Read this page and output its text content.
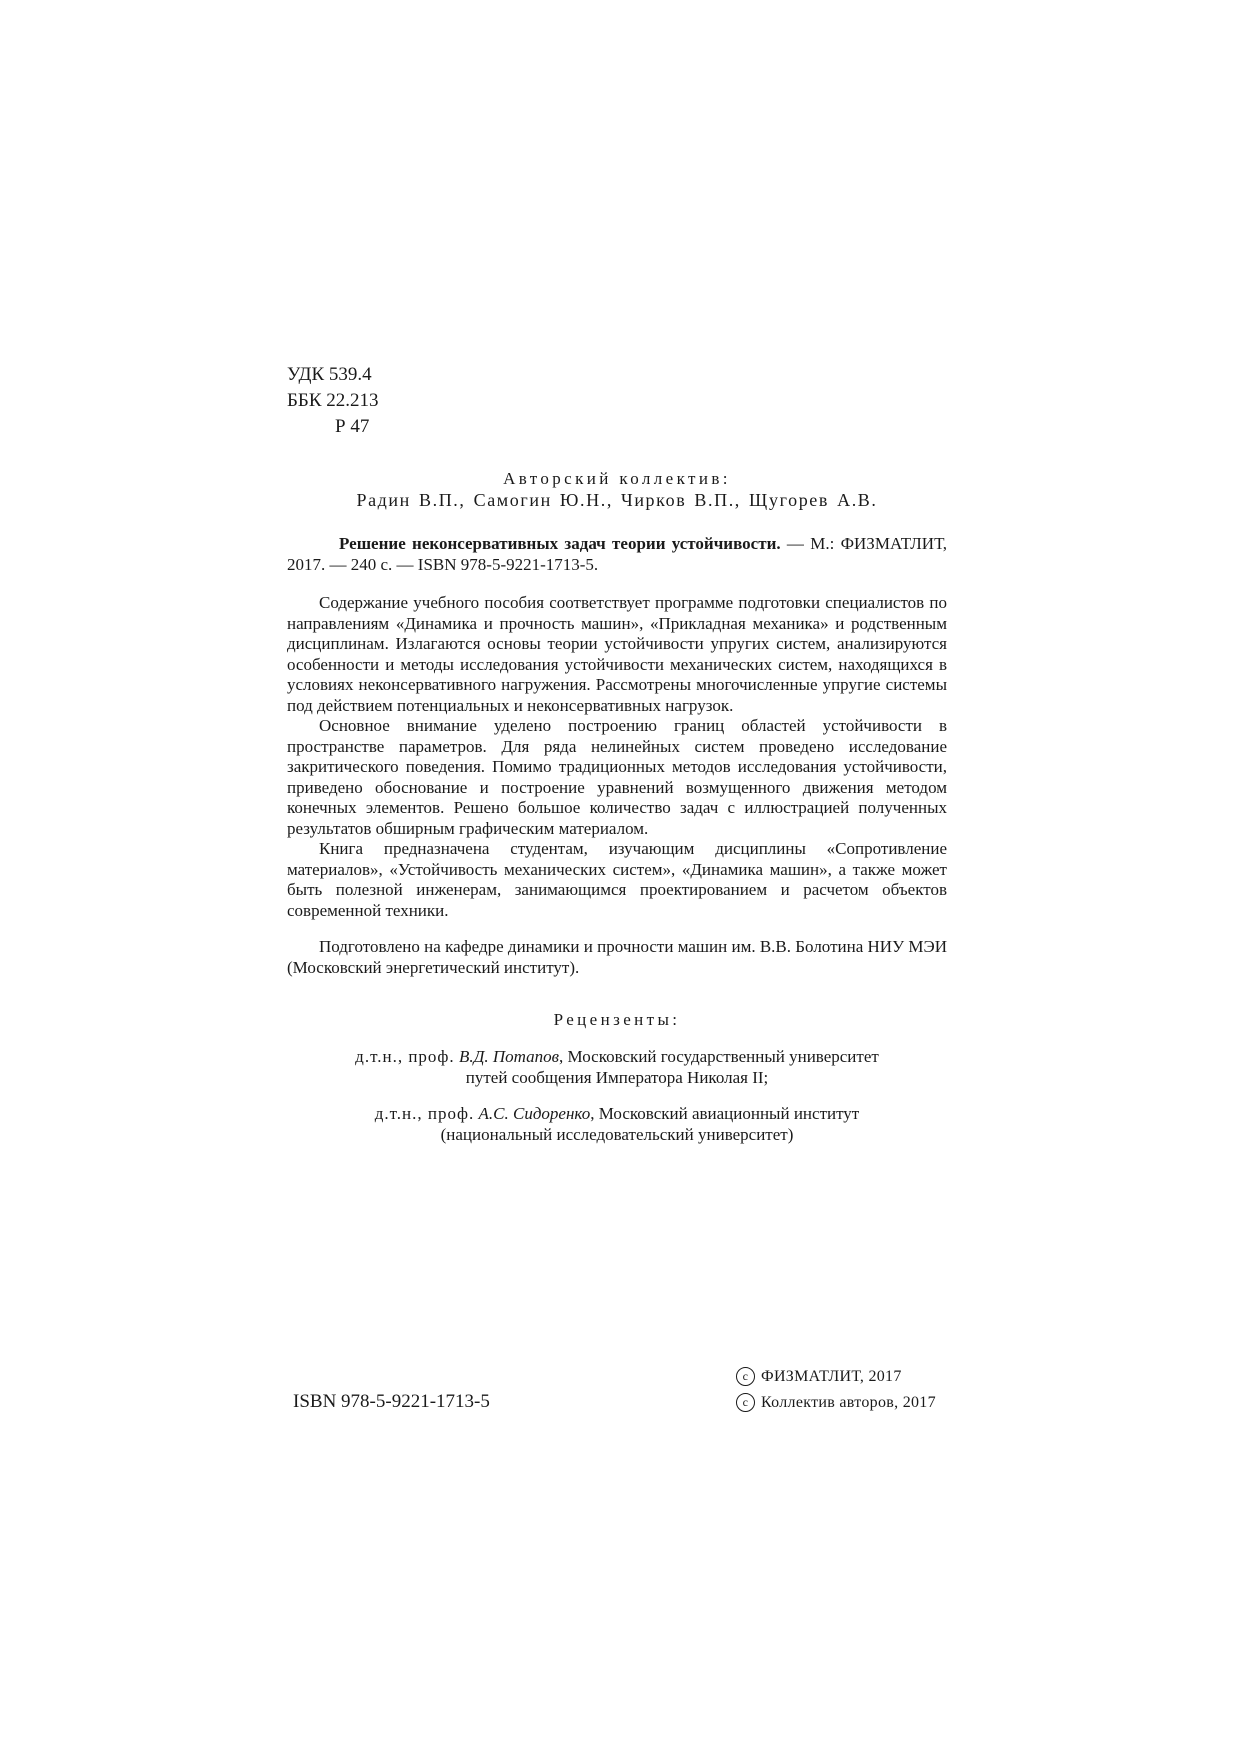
УДК 539.4
ББК 22.213
Р 47
Авторский коллектив:
Радин В.П., Самогин Ю.Н., Чирков В.П., Щугорев А.В.

Решение неконсервативных задач теории устойчивости. — М.: ФИЗМАТЛИТ, 2017. — 240 с. — ISBN 978-5-9221-1713-5.

Содержание учебного пособия соответствует программе подготовки специалистов по направлениям «Динамика и прочность машин», «Прикладная механика» и родственным дисциплинам. Излагаются основы теории устойчивости упругих систем, анализируются особенности и методы исследования устойчивости механических систем, находящихся в условиях неконсервативного нагружения. Рассмотрены многочисленные упругие системы под действием потенциальных и неконсервативных нагрузок.

Основное внимание уделено построению границ областей устойчивости в пространстве параметров. Для ряда нелинейных систем проведено исследование закритического поведения. Помимо традиционных методов исследования устойчивости, приведено обоснование и построение уравнений возмущенного движения методом конечных элементов. Решено большое количество задач с иллюстрацией полученных результатов обширным графическим материалом.

Книга предназначена студентам, изучающим дисциплины «Сопротивление материалов», «Устойчивость механических систем», «Динамика машин», а также может быть полезной инженерам, занимающимся проектированием и расчетом объектов современной техники.

Подготовлено на кафедре динамики и прочности машин им. В.В. Болотина НИУ МЭИ (Московский энергетический институт).

Рецензенты:
д.т.н., проф. В.Д. Потапов, Московский государственный университет
путей сообщения Императора Николая II;
д.т.н., проф. А.С. Сидоренко, Московский авиационный институт
(национальный исследовательский университет)
ISBN 978-5-9221-1713-5
c ФИЗМАТЛИТ, 2017
c Коллектив авторов, 2017
